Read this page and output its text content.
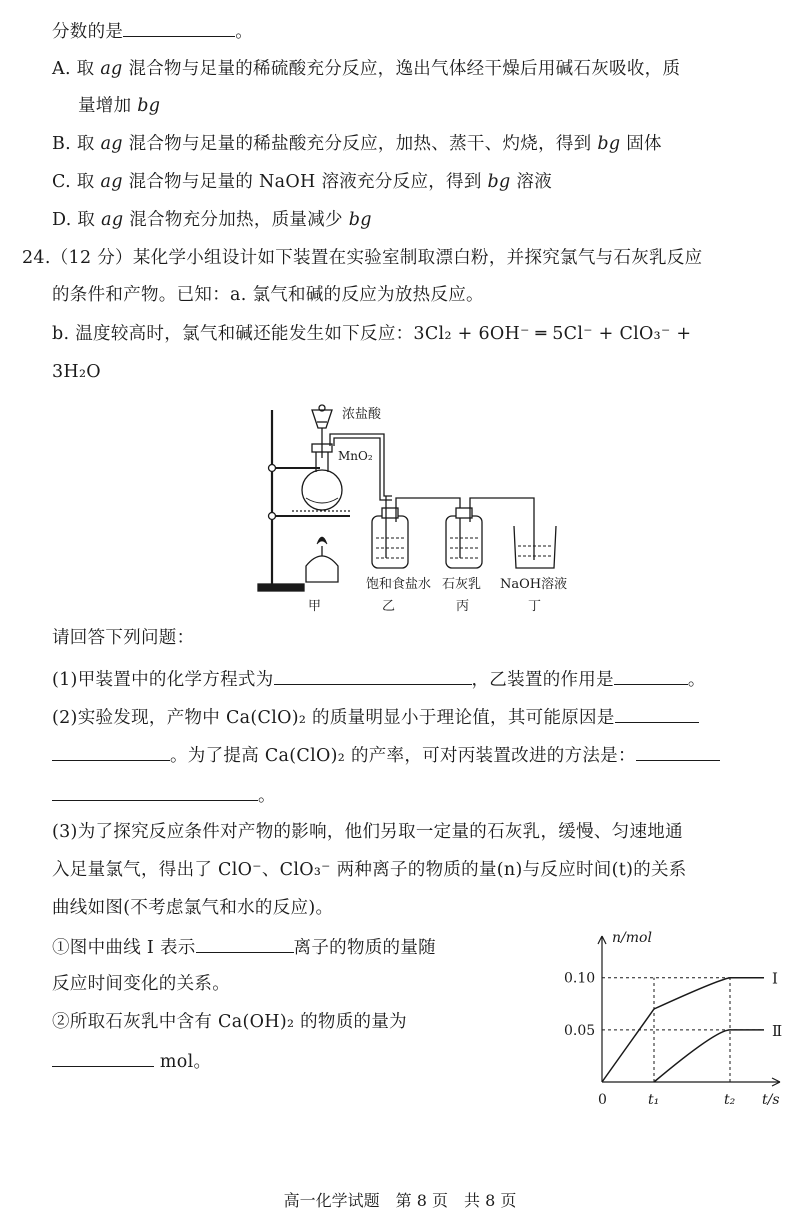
分数的是	。
A. 取 ag 混合物与足量的稀硫酸充分反应，逸出气体经干燥后用碱石灰吸收，质
量增加 bg
B. 取 ag 混合物与足量的稀盐酸充分反应，加热、蒸干、灼烧，得到 bg 固体
C. 取 ag 混合物与足量的 NaOH 溶液充分反应，得到 bg 溶液
D. 取 ag 混合物充分加热，质量减少 bg
24.（12 分）某化学小组设计如下装置在实验室制取漂白粉，并探究氯气与石灰乳反应
的条件和产物。已知：a. 氯气和碱的反应为放热反应。
b. 温度较高时，氯气和碱还能发生如下反应：3Cl₂ + 6OH⁻ ═ 5Cl⁻ + ClO₃⁻ +
3H₂O
浓盐酸
MnO₂
饱和食盐水 石灰乳 NaOH溶液
甲	乙	丙	丁
请回答下列问题：
(1)甲装置中的化学方程式为	，乙装置的作用是	。
(2)实验发现，产物中 Ca(ClO)₂ 的质量明显小于理论值，其可能原因是
。为了提高 Ca(ClO)₂ 的产率，可对丙装置改进的方法是：
。
(3)为了探究反应条件对产物的影响，他们另取一定量的石灰乳，缓慢、匀速地通
入足量氯气，得出了 ClO⁻、ClO₃⁻ 两种离子的物质的量(n)与反应时间(t)的关系
曲线如图(不考虑氯气和水的反应)。
①图中曲线 I 表示	离子的物质的量随
反应时间变化的关系。
②所取石灰乳中含有 Ca(OH)₂ 的物质的量为
mol。
Ⅰ
Ⅱ
n/mol
t/s
0
0.05
0.10
t₁	t₂
高一化学试题　第 8 页　共 8 页
